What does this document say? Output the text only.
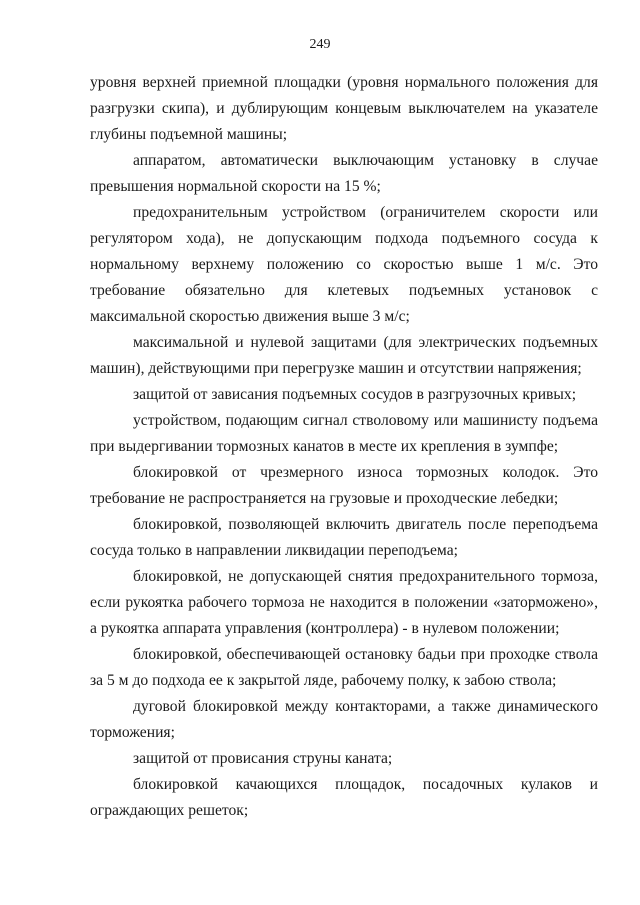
249

уровня верхней приемной площадки (уровня нормального положения для разгрузки скипа), и дублирующим концевым выключателем на указателе глубины подъемной машины;

аппаратом, автоматически выключающим установку в случае превышения нормальной скорости на 15 %;

предохранительным устройством (ограничителем скорости или регулятором хода), не допускающим подхода подъемного сосуда к нормальному верхнему положению со скоростью выше 1 м/с. Это требование обязательно для клетевых подъемных установок с максимальной скоростью движения выше 3 м/с;

максимальной и нулевой защитами (для электрических подъемных машин), действующими при перегрузке машин и отсутствии напряжения;

защитой от зависания подъемных сосудов в разгрузочных кривых;

устройством, подающим сигнал стволовому или машинисту подъема при выдергивании тормозных канатов в месте их крепления в зумпфе;

блокировкой от чрезмерного износа тормозных колодок. Это требование не распространяется на грузовые и проходческие лебедки;

блокировкой, позволяющей включить двигатель после переподъема сосуда только в направлении ликвидации переподъема;

блокировкой, не допускающей снятия предохранительного тормоза, если рукоятка рабочего тормоза не находится в положении «заторможено», а рукоятка аппарата управления (контроллера) - в нулевом положении;

блокировкой, обеспечивающей остановку бадьи при проходке ствола за 5 м до подхода ее к закрытой ляде, рабочему полку, к забою ствола;

дуговой блокировкой между контакторами, а также динамического торможения;

защитой от провисания струны каната;

блокировкой качающихся площадок, посадочных кулаков и ограждающих решеток;
